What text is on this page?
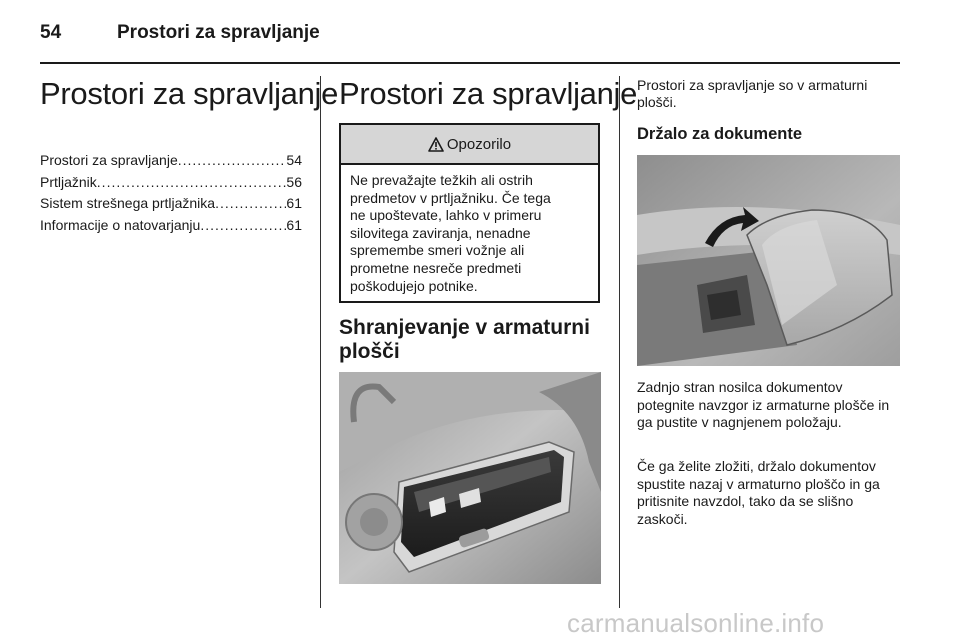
54	Prostori za spravljanje
Prostori za spravljanje
Prostori za spravljanje .....	54
Prtljažnik .....	56
Sistem strešnega prtljažnika .....	61
Informacije o natovarjanju .....	61
Prostori za spravljanje
Opozorilo
Ne prevažajte težkih ali ostrih
predmetov v prtljažniku. Če tega
ne upoštevate, lahko v primeru
silovitega zaviranja, nenadne
spremembe smeri vožnje ali
prometne nesreče predmeti
poškodujejo potnike.
Shranjevanje v armaturni plošči
Prostori za spravljanje so v armaturni plošči.
Držalo za dokumente
Zadnjo stran nosilca dokumentov potegnite navzgor iz armaturne plošče in ga pustite v nagnjenem položaju.
Če ga želite zložiti, držalo dokumentov spustite nazaj v armaturno ploščo in ga pritisnite navzdol, tako da se slišno zaskoči.
carmanualsonline.info
